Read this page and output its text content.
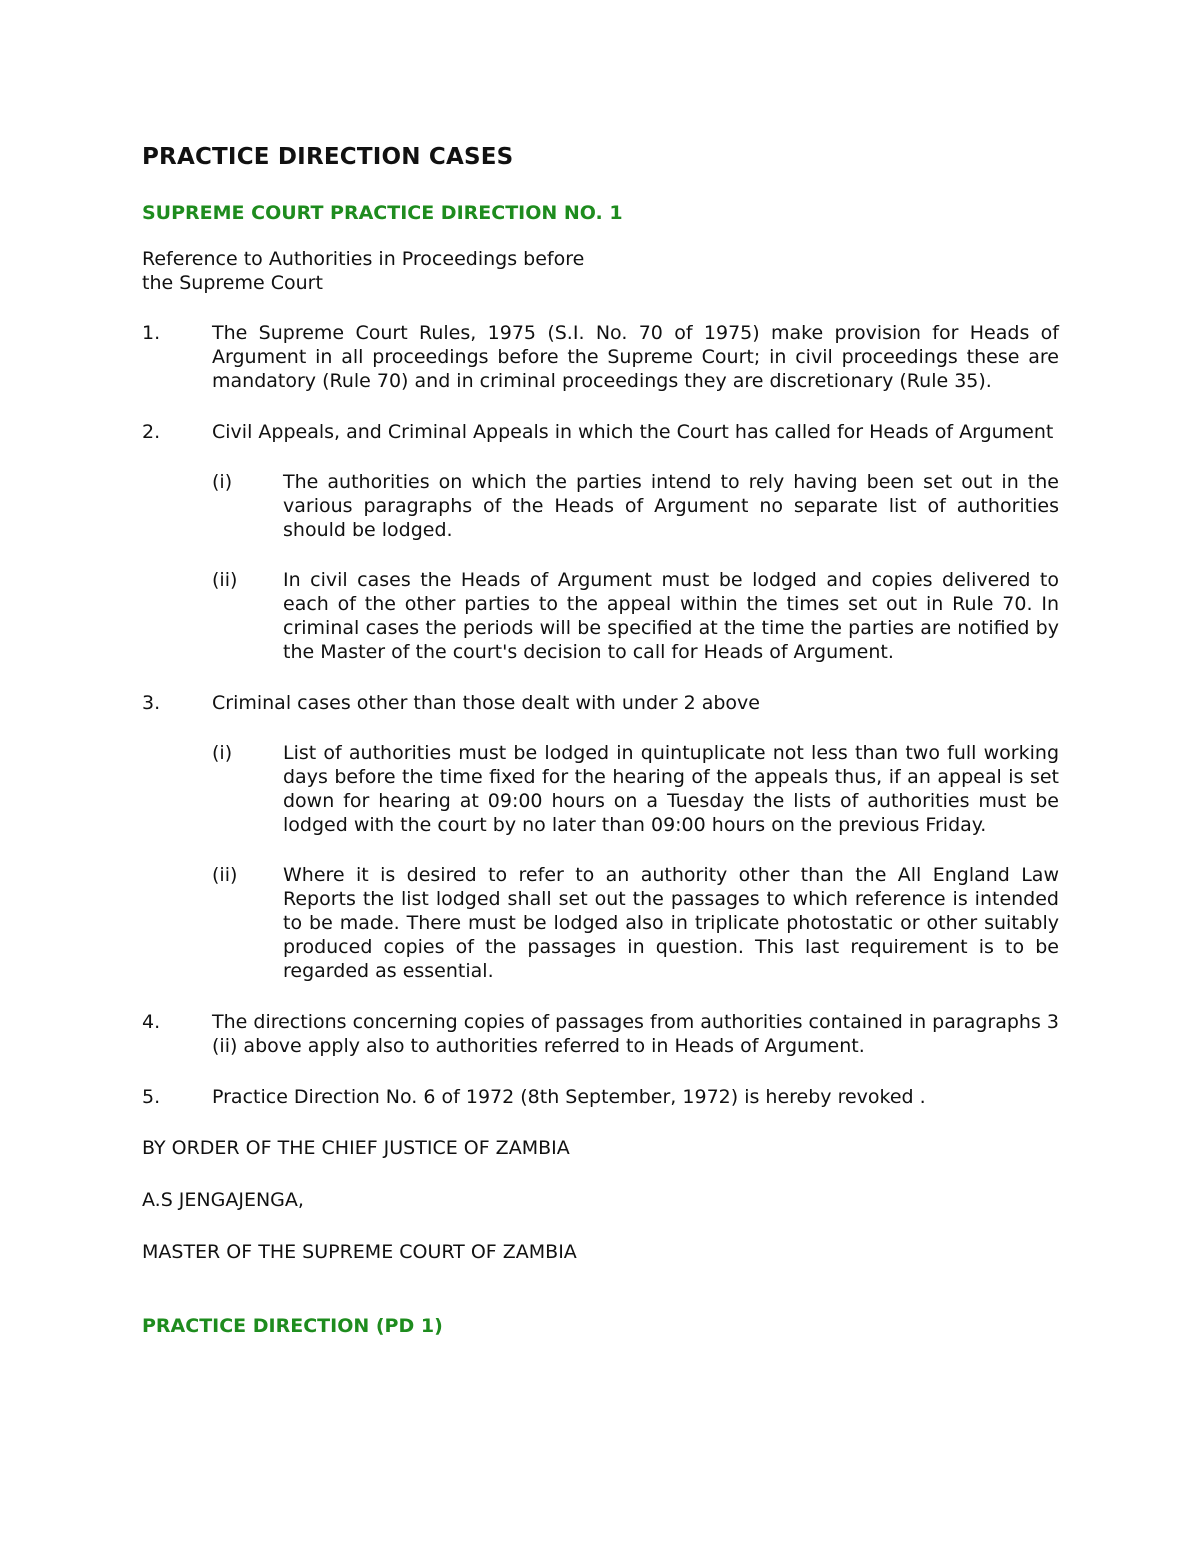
PRACTICE DIRECTION CASES
SUPREME COURT PRACTICE DIRECTION NO. 1
Reference to Authorities in Proceedings before
the Supreme Court
1.	The Supreme Court Rules, 1975 (S.I. No. 70 of 1975) make provision for Heads of Argument in all proceedings before the Supreme Court; in civil proceedings these are mandatory (Rule 70) and in criminal proceedings they are discretionary (Rule 35).
2.	Civil Appeals, and Criminal Appeals in which the Court has called for Heads of Argument
(i)	The authorities on which the parties intend to rely having been set out in the various paragraphs of the Heads of Argument no separate list of authorities should be lodged.
(ii)	In civil cases the Heads of Argument must be lodged and copies delivered to each of the other parties to the appeal within the times set out in Rule 70. In criminal cases the periods will be specified at the time the parties are notified by the Master of the court's decision to call for Heads of Argument.
3.	Criminal cases other than those dealt with under 2 above
(i)	List of authorities must be lodged in quintuplicate not less than two full working days before the time fixed for the hearing of the appeals thus, if an appeal is set down for hearing at 09:00 hours on a Tuesday the lists of authorities must be lodged with the court by no later than 09:00 hours on the previous Friday.
(ii)	Where it is desired to refer to an authority other than the All England Law Reports the list lodged shall set out the passages to which reference is intended to be made. There must be lodged also in triplicate photostatic or other suitably produced copies of the passages in question. This last requirement is to be regarded as essential.
4.	The directions concerning copies of passages from authorities contained in paragraphs 3 (ii) above apply also to authorities referred to in Heads of Argument.
5.	Practice Direction No. 6 of 1972 (8th September, 1972) is hereby revoked .
BY ORDER OF THE CHIEF JUSTICE OF ZAMBIA
A.S JENGAJENGA,
MASTER OF THE SUPREME COURT OF ZAMBIA
PRACTICE DIRECTION (PD 1)
